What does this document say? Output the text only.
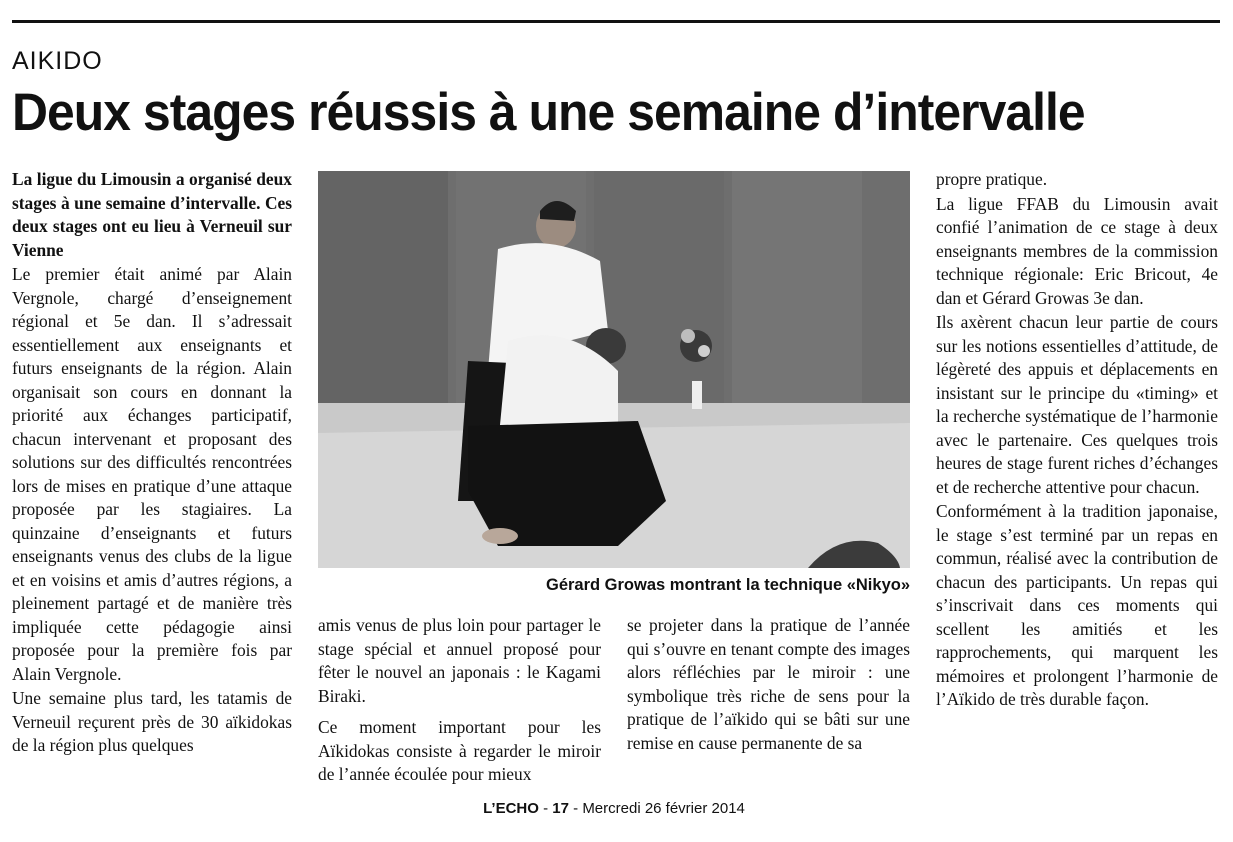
AIKIDO
Deux stages réussis à une semaine d’intervalle

La ligue du Limousin a organisé deux stages à une semaine d’intervalle. Ces deux stages ont eu lieu à Verneuil sur Vienne

Le premier était animé par Alain Vergnole, chargé d’enseignement régional et 5e dan. Il s’adressait essentiellement aux enseignants et futurs enseignants de la région. Alain organisait son cours en donnant la priorité aux échanges participatif, chacun intervenant et proposant des solutions sur des difficultés rencontrées lors de mises en pratique d’une attaque proposée par les stagiaires. La quinzaine d’enseignants et futurs enseignants venus des clubs de la ligue et en voisins et amis d’autres régions, a pleinement partagé et de manière très impliquée cette pédagogie ainsi proposée pour la première fois par Alain Vergnole.

Une semaine plus tard, les tatamis de Verneuil reçurent près de 30 aïkidokas de la région plus quelques

Gérard Growas montrant la technique «Nikyo»

amis venus de plus loin pour partager le stage spécial et annuel proposé pour fêter le nouvel an japonais : le Kagami Biraki.

Ce moment important pour les Aïkidokas consiste à regarder le miroir de l’année écoulée pour mieux

se projeter dans la pratique de l’année qui s’ouvre en tenant compte des images alors réfléchies par le miroir : une symbolique très riche de sens pour la pratique de l’aïkido qui se bâti sur une remise en cause permanente de sa

propre pratique.

La ligue FFAB du Limousin avait confié l’animation de ce stage à deux enseignants membres de la commission technique régionale: Eric Bricout, 4e dan et Gérard Growas 3e dan.

Ils axèrent chacun leur partie de cours sur les notions essentielles d’attitude, de légèreté des appuis et déplacements en insistant sur le principe du «timing» et la recherche systématique de l’harmonie avec le partenaire. Ces quelques trois heures de stage furent riches d’échanges et de recherche attentive pour chacun.

Conformément à la tradition japonaise, le stage s’est terminé par un repas en commun, réalisé avec la contribution de chacun des participants. Un repas qui s’inscrivait dans ces moments qui scellent les amitiés et les rapprochements, qui marquent les mémoires et prolongent l’harmonie de l’Aïkido de très durable façon.

L’ECHO - 17 - Mercredi 26 février 2014
